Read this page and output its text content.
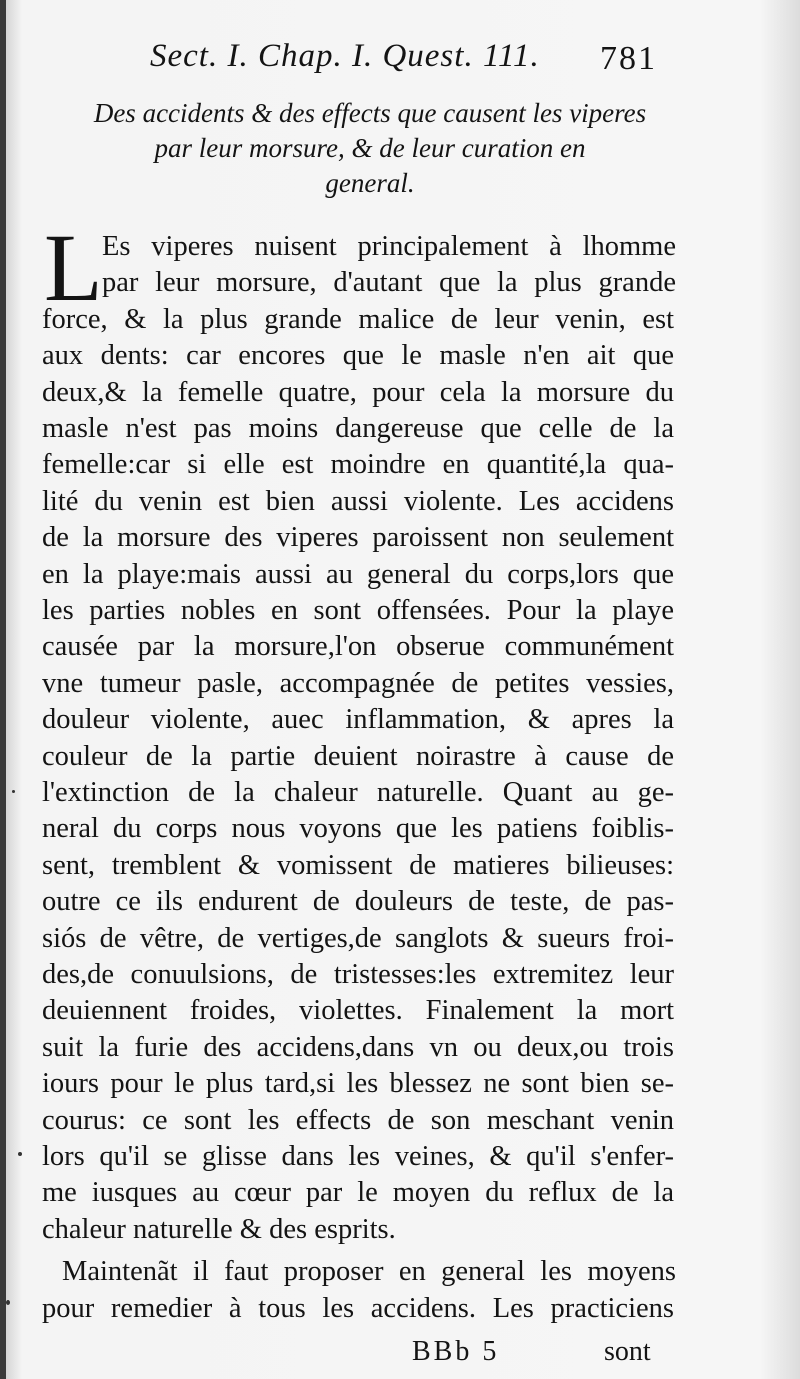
Sect. I. Chap. I. Quest. 111.	781
Des accidents & des effects que causent les viperes
par leur morsure, & de leur curation en
general.
L Es viperes nuisent principalement à lhomme
par leur morsure, d'autant que la plus grande
force, & la plus grande malice de leur venin, est
aux dents: car encores que le masle n'en ait que
deux,& la femelle quatre, pour cela la morsure du
masle n'est pas moins dangereuse que celle de la
femelle:car si elle est moindre en quantité,la qua-
lité du venin est bien aussi violente. Les accidens
de la morsure des viperes paroissent non seulement
en la playe:mais aussi au general du corps,lors que
les parties nobles en sont offensées. Pour la playe
causée par la morsure,l'on obserue communément
vne tumeur pasle, accompagnée de petites vessies,
douleur violente, auec inflammation, & apres la
couleur de la partie deuient noirastre à cause de
l'extinction de la chaleur naturelle. Quant au ge-
neral du corps nous voyons que les patiens foiblis-
sent, tremblent & vomissent de matieres bilieuses:
outre ce ils endurent de douleurs de teste, de pas-
siós de vêtre, de vertiges,de sanglots & sueurs froi-
des,de conuulsions, de tristesses:les extremitez leur
deuiennent froides, violettes. Finalement la mort
suit la furie des accidens,dans vn ou deux,ou trois
iours pour le plus tard,si les blessez ne sont bien se-
courus: ce sont les effects de son meschant venin
lors qu'il se glisse dans les veines, & qu'il s'enfer-
me iusques au cœur par le moyen du reflux de la
chaleur naturelle & des esprits.
Maintenãt il faut proposer en general les moyens
pour remedier à tous les accidens. Les practiciens
BBb 5	sont
